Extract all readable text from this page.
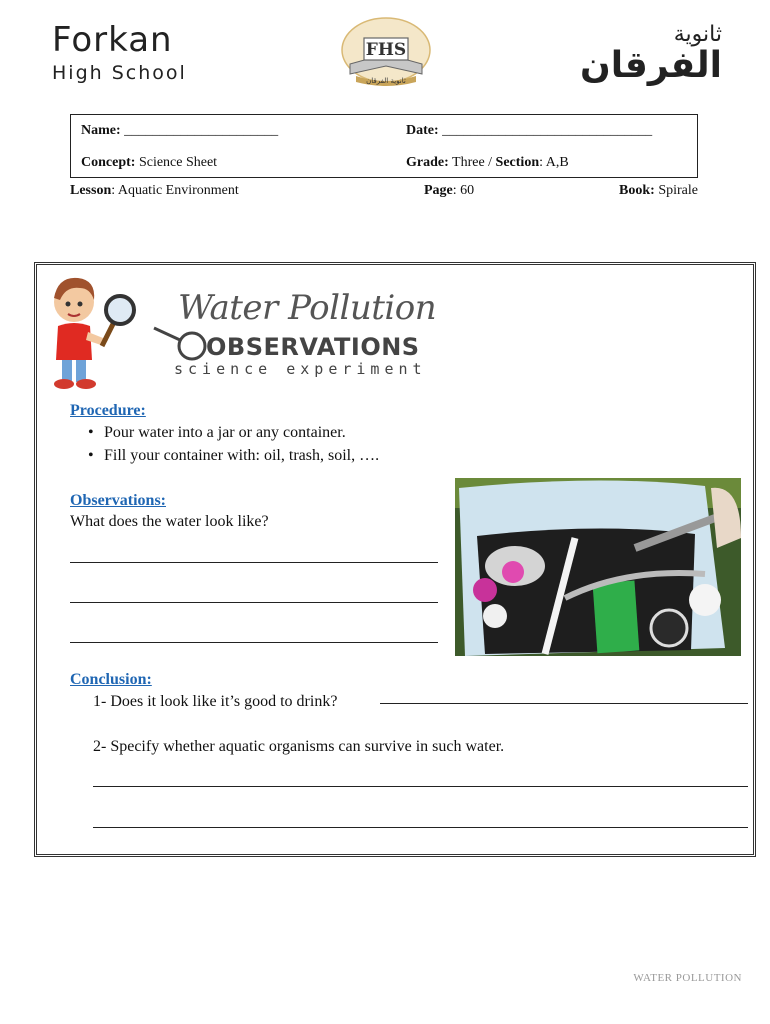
Forkan
High School
FHS
ثانوية الفرقان
ثانوية
الفرقان
Name: ______________________	Date: ______________________________
Concept: Science Sheet	Grade: Three / Section: A,B
Lesson: Aquatic Environment	Page: 60	Book: Spirale
Water Pollution
OBSERVATIONS
science experiment
Procedure:
• Pour water into a jar or any container.
• Fill your container with: oil, trash, soil, ….
Observations:
What does the water look like?
Conclusion:
1- Does it look like it’s good to drink?
2- Specify whether aquatic organisms can survive in such water.
WATER POLLUTION
